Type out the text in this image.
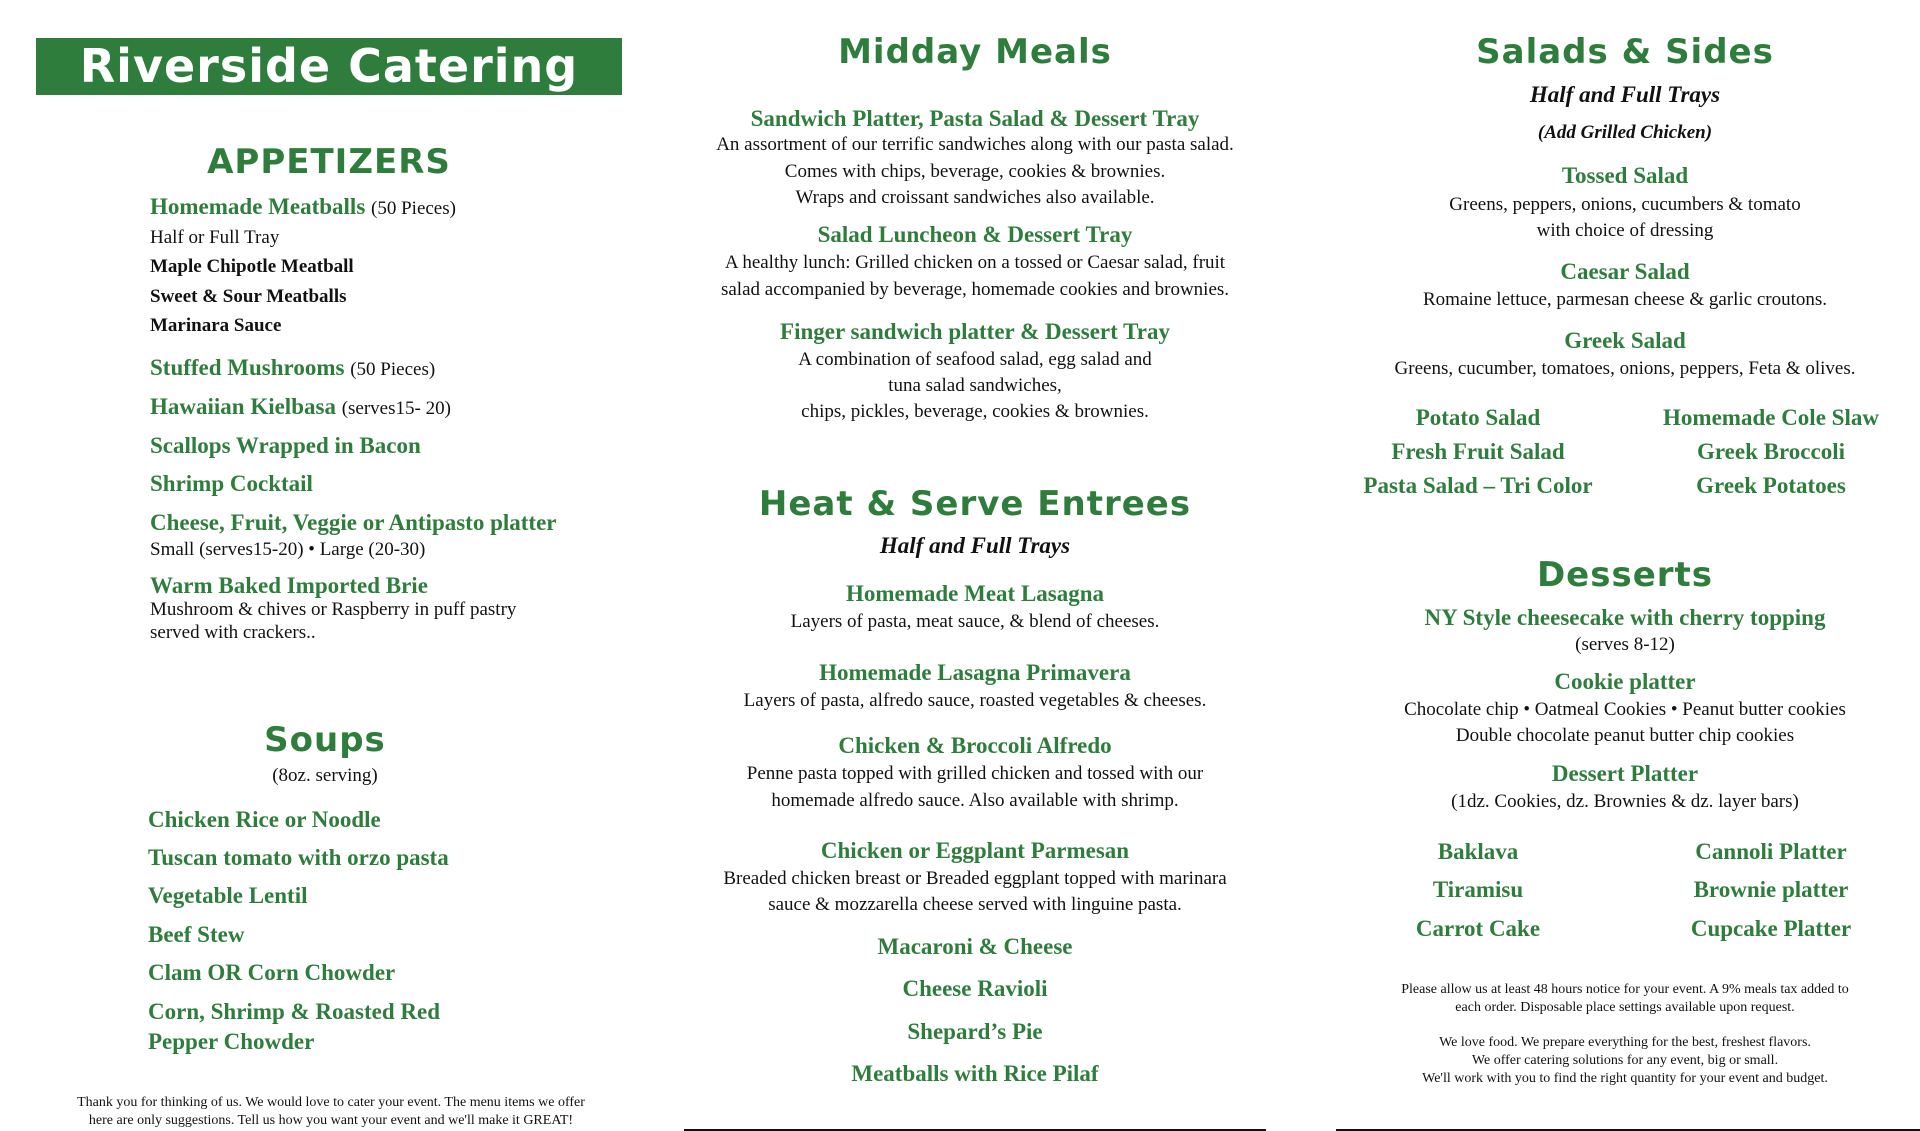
Riverside Catering
APPETIZERS
Homemade Meatballs (50 Pieces)
Half or Full Tray
Maple Chipotle Meatball
Sweet & Sour Meatballs
Marinara Sauce
Stuffed Mushrooms (50 Pieces)
Hawaiian Kielbasa (serves15- 20)
Scallops Wrapped in Bacon
Shrimp Cocktail
Cheese, Fruit, Veggie or Antipasto platter
Small (serves15-20) • Large (20-30)
Warm Baked Imported Brie
Mushroom & chives or Raspberry in puff pastry
served with crackers..
Soups
(8oz. serving)
Chicken Rice or Noodle
Tuscan tomato with orzo pasta
Vegetable Lentil
Beef Stew
Clam OR Corn Chowder
Corn, Shrimp & Roasted Red
Pepper Chowder
Thank you for thinking of us. We would love to cater your event. The menu items we offer
here are only suggestions. Tell us how you want your event and we'll make it GREAT!
Midday Meals
Sandwich Platter, Pasta Salad & Dessert Tray
An assortment of our terrific sandwiches along with our pasta salad.
Comes with chips, beverage, cookies & brownies.
Wraps and croissant sandwiches also available.
Salad Luncheon & Dessert Tray
A healthy lunch: Grilled chicken on a tossed or Caesar salad, fruit
salad accompanied by beverage, homemade cookies and brownies.
Finger sandwich platter & Dessert Tray
A combination of seafood salad, egg salad and
tuna salad sandwiches,
chips, pickles, beverage, cookies & brownies.
Heat & Serve Entrees
Half and Full Trays
Homemade Meat Lasagna
Layers of pasta, meat sauce, & blend of cheeses.
Homemade Lasagna Primavera
Layers of pasta, alfredo sauce, roasted vegetables & cheeses.
Chicken & Broccoli Alfredo
Penne pasta topped with grilled chicken and tossed with our
homemade alfredo sauce. Also available with shrimp.
Chicken or Eggplant Parmesan
Breaded chicken breast or Breaded eggplant topped with marinara
sauce & mozzarella cheese served with linguine pasta.
Macaroni & Cheese
Cheese Ravioli
Shepard’s Pie
Meatballs with Rice Pilaf
Salads & Sides
Half and Full Trays
(Add Grilled Chicken)
Tossed Salad
Greens, peppers, onions, cucumbers & tomato
with choice of dressing
Caesar Salad
Romaine lettuce, parmesan cheese & garlic croutons.
Greek Salad
Greens, cucumber, tomatoes, onions, peppers, Feta & olives.
Potato Salad
Fresh Fruit Salad
Pasta Salad – Tri Color
Homemade Cole Slaw
Greek Broccoli
Greek Potatoes
Desserts
NY Style cheesecake with cherry topping
(serves 8-12)
Cookie platter
Chocolate chip • Oatmeal Cookies • Peanut butter cookies
Double chocolate peanut butter chip cookies
Dessert Platter
(1dz. Cookies, dz. Brownies & dz. layer bars)
Baklava
Tiramisu
Carrot Cake
Cannoli Platter
Brownie platter
Cupcake Platter
Please allow us at least 48 hours notice for your event. A 9% meals tax added to
each order. Disposable place settings available upon request.
We love food. We prepare everything for the best, freshest flavors.
We offer catering solutions for any event, big or small.
We'll work with you to find the right quantity for your event and budget.
